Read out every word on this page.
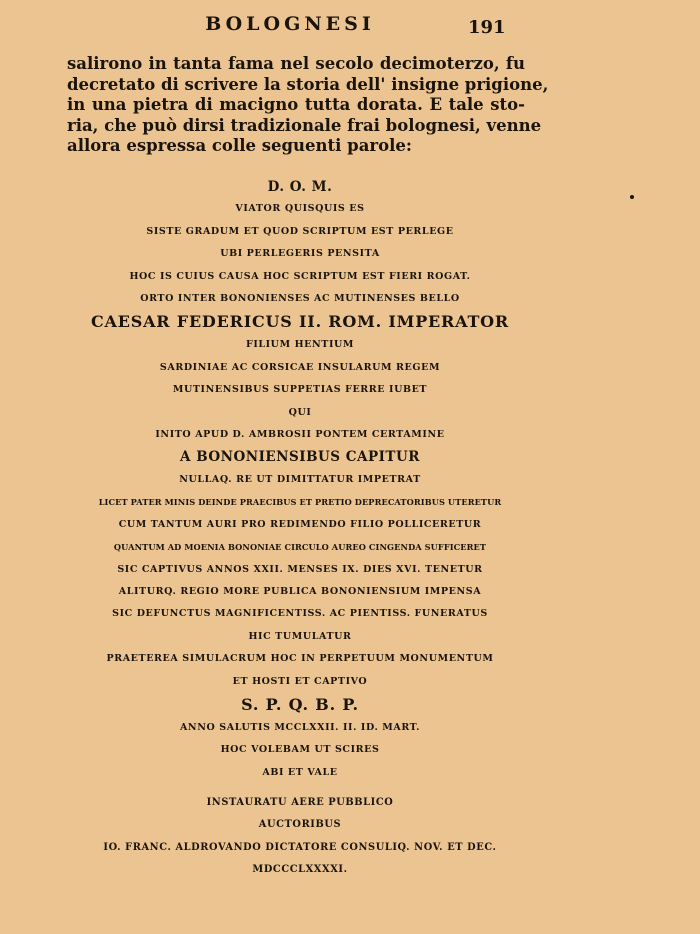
BOLOGNESI	191
salirono in tanta fama nel secolo decimoterzo, fu
decretato di scrivere la storia dell' insigne prigione,
in una pietra di macigno tutta dorata. E tale sto-
ria, che può dirsi tradizionale frai bolognesi, venne
allora espressa colle seguenti parole:
D. O. M.
VIATOR QUISQUIS ES
SISTE GRADUM ET QUOD SCRIPTUM EST PERLEGE
UBI PERLEGERIS PENSITA
HOC IS CUIUS CAUSA HOC SCRIPTUM EST FIERI ROGAT.
ORTO INTER BONONIENSES AC MUTINENSES BELLO
CAESAR FEDERICUS II. ROM. IMPERATOR
FILIUM HENTIUM
SARDINIAE AC CORSICAE INSULARUM REGEM
MUTINENSIBUS SUPPETIAS FERRE IUBET
QUI
INITO APUD D. AMBROSII PONTEM CERTAMINE
A BONONIENSIBUS CAPITUR
NULLAQ. RE UT DIMITTATUR IMPETRAT
LICET PATER MINIS DEINDE PRAECIBUS ET PRETIO DEPRECATORIBUS UTERETUR
CUM TANTUM AURI PRO REDIMENDO FILIO POLLICERETUR
QUANTUM AD MOENIA BONONIAE CIRCULO AUREO CINGENDA SUFFICERET
SIC CAPTIVUS ANNOS XXII. MENSES IX. DIES XVI. TENETUR
ALITURQ. REGIO MORE PUBLICA BONONIENSIUM IMPENSA
SIC DEFUNCTUS MAGNIFICENTISS. AC PIENTISS. FUNERATUS
HIC TUMULATUR
PRAETEREA SIMULACRUM HOC IN PERPETUUM MONUMENTUM
ET HOSTI ET CAPTIVO
S. P. Q. B. P.
ANNO SALUTIS MCCLXXII. II. ID. MART.
HOC VOLEBAM UT SCIRES
ABI ET VALE
INSTAURATU AERE PUBBLICO
AUCTORIBUS
IO. FRANC. ALDROVANDO DICTATORE CONSULIQ. NOV. ET DEC.
MDCCCLXXXXI.
